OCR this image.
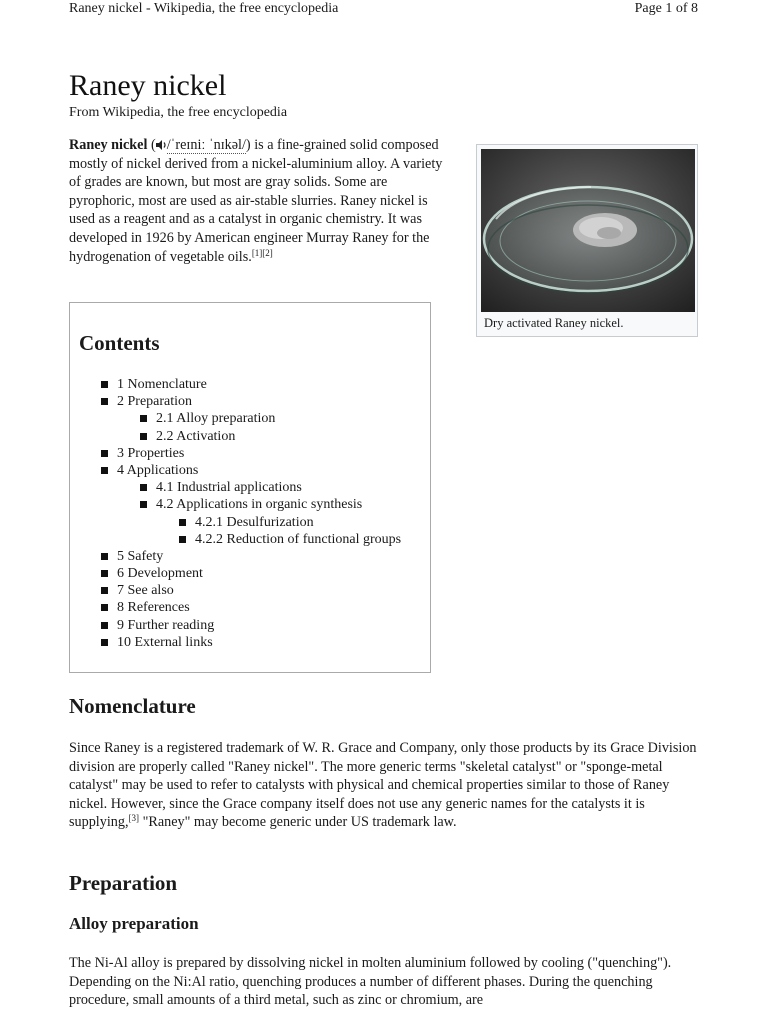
Raney nickel - Wikipedia, the free encyclopedia	Page 1 of 8
Raney nickel
From Wikipedia, the free encyclopedia
Raney nickel ( /ˈreɪniː ˈnɪkəl/) is a fine-grained solid composed mostly of nickel derived from a nickel-aluminium alloy. A variety of grades are known, but most are gray solids. Some are pyrophoric, most are used as air-stable slurries. Raney nickel is used as a reagent and as a catalyst in organic chemistry. It was developed in 1926 by American engineer Murray Raney for the hydrogenation of vegetable oils.[1][2]
Dry activated Raney nickel.
Contents
1 Nomenclature
2 Preparation
2.1 Alloy preparation
2.2 Activation
3 Properties
4 Applications
4.1 Industrial applications
4.2 Applications in organic synthesis
4.2.1 Desulfurization
4.2.2 Reduction of functional groups
5 Safety
6 Development
7 See also
8 References
9 Further reading
10 External links
Nomenclature

Since Raney is a registered trademark of W. R. Grace and Company, only those products by its Grace Division division are properly called "Raney nickel". The more generic terms "skeletal catalyst" or "sponge-metal catalyst" may be used to refer to catalysts with physical and chemical properties similar to those of Raney nickel. However, since the Grace company itself does not use any generic names for the catalysts it is supplying,[3] "Raney" may become generic under US trademark law.

Preparation
Alloy preparation

The Ni-Al alloy is prepared by dissolving nickel in molten aluminium followed by cooling ("quenching"). Depending on the Ni:Al ratio, quenching produces a number of different phases. During the quenching procedure, small amounts of a third metal, such as zinc or chromium, are
